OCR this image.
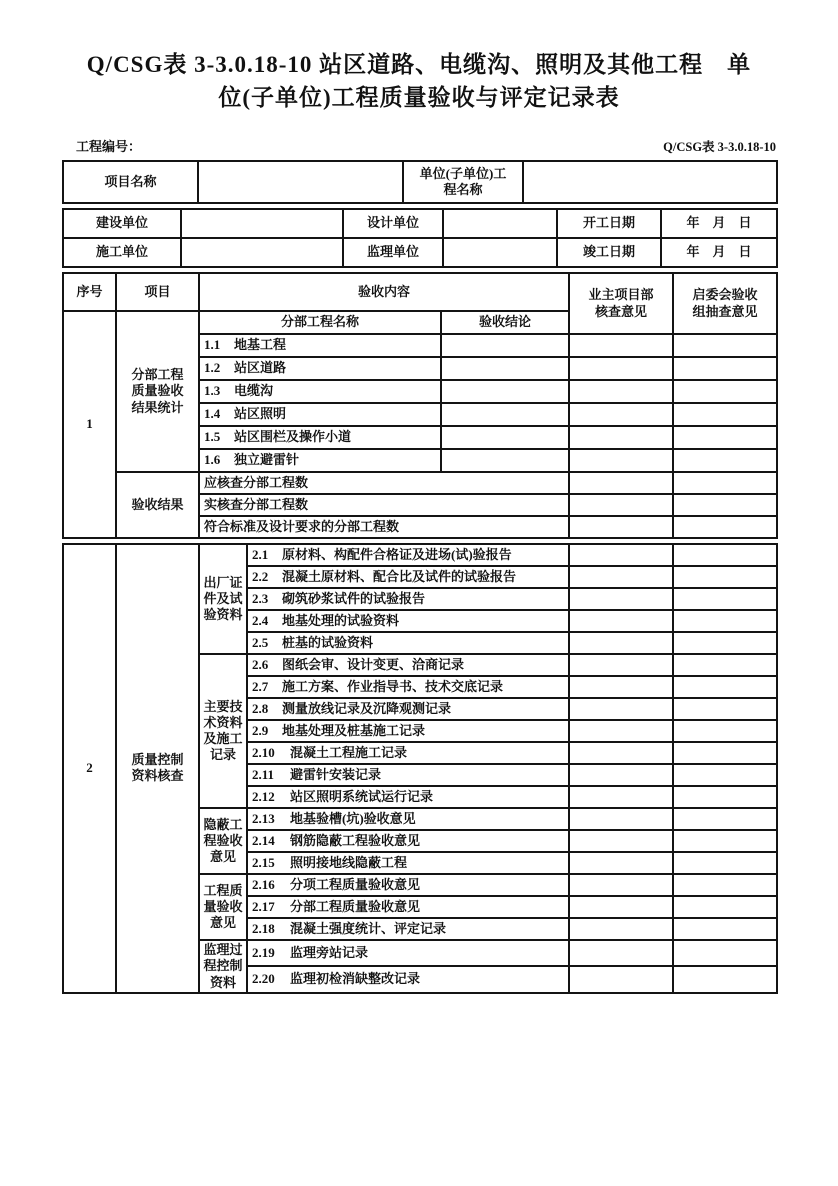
Q/CSG表 3-3.0.18-10 站区道路、电缆沟、照明及其他工程　单
位(子单位)工程质量验收与评定记录表
工程编号：	Q/CSG表 3-3.0.18-10
项目名称		单位(子单位)工程名称	
建设单位		设计单位		开工日期	年　月　日
施工单位		监理单位		竣工日期	年　月　日
序号	项目	验收内容		业主项目部核查意见	启委会验收组抽查意见
1	分部工程质量验收结果统计	分部工程名称	验收结论		
		1.1 地基工程			
		1.2 站区道路			
		1.3 电缆沟			
		1.4 站区照明			
		1.5 站区围栏及操作小道			
		1.6 独立避雷针			
	验收结果	应核查分部工程数			
		实核查分部工程数			
		符合标准及设计要求的分部工程数			
2	质量控制资料核查	出厂证件及试验资料	2.1 原材料、构配件合格证及进场(试)验报告		
			2.2 混凝土原材料、配合比及试件的试验报告		
			2.3 砌筑砂浆试件的试验报告		
			2.4 地基处理的试验资料		
			2.5 桩基的试验资料		
		主要技术资料及施工记录	2.6 图纸会审、设计变更、洽商记录		
			2.7 施工方案、作业指导书、技术交底记录		
			2.8 测量放线记录及沉降观测记录		
			2.9 地基处理及桩基施工记录		
			2.10 混凝土工程施工记录		
			2.11 避雷针安装记录		
			2.12 站区照明系统试运行记录		
		隐蔽工程验收意见	2.13 地基验槽(坑)验收意见		
			2.14 钢筋隐蔽工程验收意见		
			2.15 照明接地线隐蔽工程		
		工程质量验收意见	2.16 分项工程质量验收意见		
			2.17 分部工程质量验收意见		
			2.18 混凝土强度统计、评定记录		
		监理过程控制资料	2.19 监理旁站记录		
			2.20 监理初检消缺整改记录		
